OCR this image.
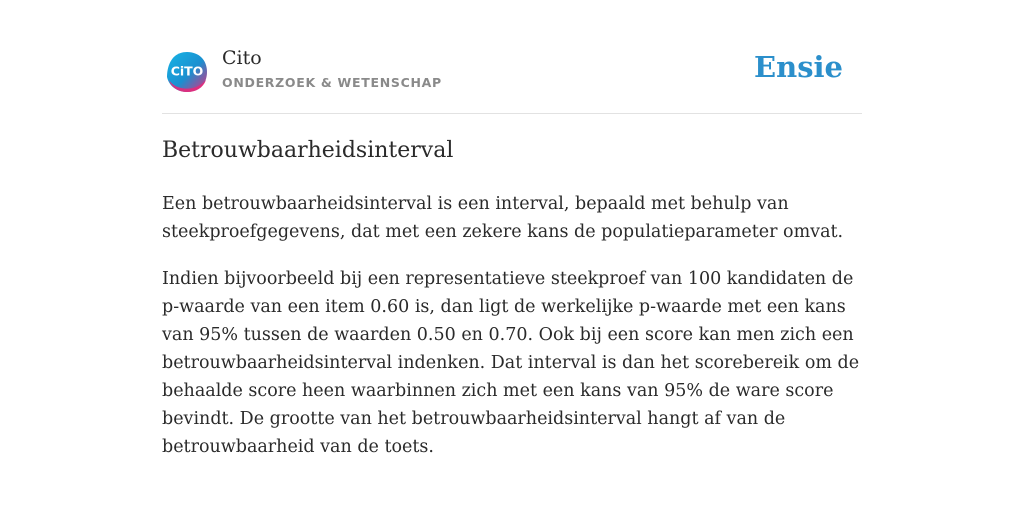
CiTO
Cito
ONDERZOEK & WETENSCHAP	Ensie
Betrouwbaarheidsinterval

Een betrouwbaarheidsinterval is een interval, bepaald met behulp van steekproefgegevens, dat met een zekere kans de populatieparameter omvat.

Indien bijvoorbeeld bij een representatieve steekproef van 100 kandidaten de p-waarde van een item 0.60 is, dan ligt de werkelijke p-waarde met een kans van 95% tussen de waarden 0.50 en 0.70. Ook bij een score kan men zich een betrouwbaarheidsinterval indenken. Dat interval is dan het scorebereik om de behaalde score heen waarbinnen zich met een kans van 95% de ware score bevindt. De grootte van het betrouwbaarheidsinterval hangt af van de betrouwbaarheid van de toets.
